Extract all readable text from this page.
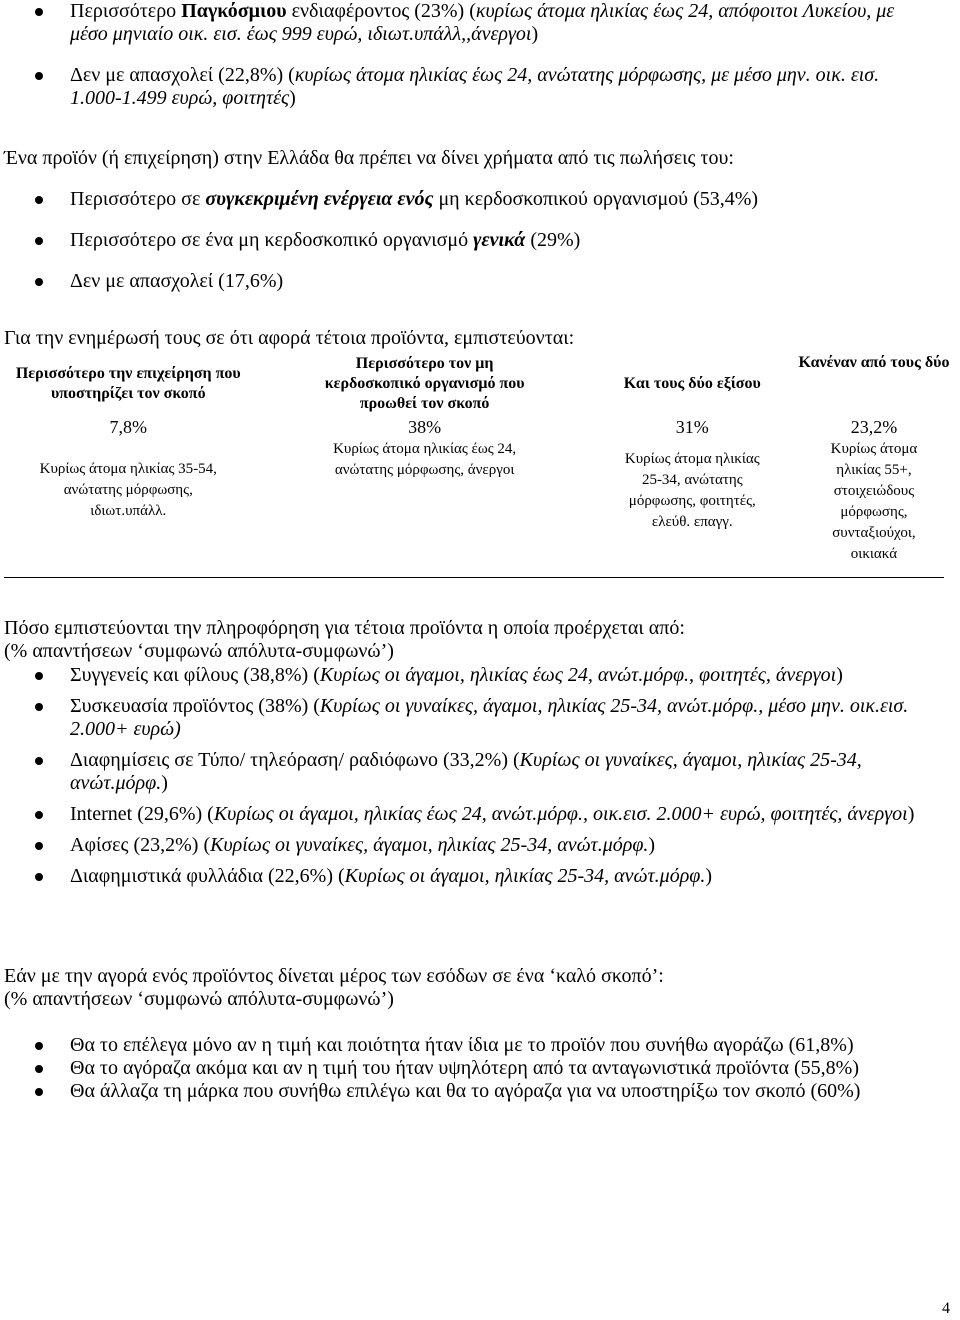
Περισσότερο Παγκόσμιου ενδιαφέροντος (23%) (κυρίως άτομα ηλικίας έως 24, απόφοιτοι Λυκείου, με μέσο μηνιαίο οικ. εισ. έως 999 ευρώ, ιδιωτ.υπάλλ,,άνεργοι)
Δεν με απασχολεί (22,8%) (κυρίως άτομα ηλικίας έως 24, ανώτατης μόρφωσης, με μέσο μην. οικ. εισ. 1.000-1.499 ευρώ, φοιτητές)
Ένα προϊόν (ή επιχείρηση) στην Ελλάδα θα πρέπει να δίνει χρήματα από τις πωλήσεις του:
Περισσότερο σε συγκεκριμένη ενέργεια ενός μη κερδοσκοπικού οργανισμού (53,4%)
Περισσότερο σε ένα μη κερδοσκοπικό οργανισμό γενικά (29%)
Δεν με απασχολεί (17,6%)
Για την ενημέρωσή τους σε ότι αφορά τέτοια προϊόντα, εμπιστεύονται:
Περισσότερο την επιχείρηση που υποστηρίζει τον σκοπό	Περισσότερο τον μη κερδοσκοπικό οργανισμό που προωθεί τον σκοπό	Και τους δύο εξίσου	Κανέναν από τους δύο
7,8%	38%	31%	23,2%
Κυρίως άτομα ηλικίας 35-54, ανώτατης μόρφωσης, ιδιωτ.υπάλλ.	Κυρίως άτομα ηλικίας έως 24, ανώτατης μόρφωσης, άνεργοι	Κυρίως άτομα ηλικίας 25-34, ανώτατης μόρφωσης, φοιτητές, ελεύθ. επαγγ.	Κυρίως άτομα ηλικίας 55+, στοιχειώδους μόρφωσης, συνταξιούχοι, οικιακά
Πόσο εμπιστεύονται την πληροφόρηση για τέτοια προϊόντα η οποία προέρχεται από:
(% απαντήσεων ‘συμφωνώ απόλυτα-συμφωνώ’)
Συγγενείς και φίλους (38,8%) (Κυρίως οι άγαμοι, ηλικίας έως 24, ανώτ.μόρφ., φοιτητές, άνεργοι)
Συσκευασία προϊόντος (38%) (Κυρίως οι γυναίκες, άγαμοι, ηλικίας 25-34, ανώτ.μόρφ., μέσο μην. οικ.εισ. 2.000+ ευρώ)
Διαφημίσεις σε Τύπο/ τηλεόραση/ ραδιόφωνο (33,2%) (Κυρίως οι γυναίκες, άγαμοι, ηλικίας 25-34, ανώτ.μόρφ.)
Internet (29,6%) (Κυρίως οι άγαμοι, ηλικίας έως 24, ανώτ.μόρφ., οικ.εισ. 2.000+ ευρώ, φοιτητές, άνεργοι)
Αφίσες (23,2%) (Κυρίως οι γυναίκες, άγαμοι, ηλικίας 25-34, ανώτ.μόρφ.)
Διαφημιστικά φυλλάδια (22,6%) (Κυρίως οι άγαμοι, ηλικίας 25-34, ανώτ.μόρφ.)
Εάν με την αγορά ενός προϊόντος δίνεται μέρος των εσόδων σε ένα ‘καλό σκοπό’:
(% απαντήσεων ‘συμφωνώ απόλυτα-συμφωνώ’)
Θα το επέλεγα μόνο αν η τιμή και ποιότητα ήταν ίδια με το προϊόν που συνήθω αγοράζω (61,8%)
Θα το αγόραζα ακόμα και αν η τιμή του ήταν υψηλότερη από τα ανταγωνιστικά προϊόντα (55,8%)
Θα άλλαζα τη μάρκα που συνήθω επιλέγω και θα το αγόραζα για να υποστηρίξω τον σκοπό (60%)
4
